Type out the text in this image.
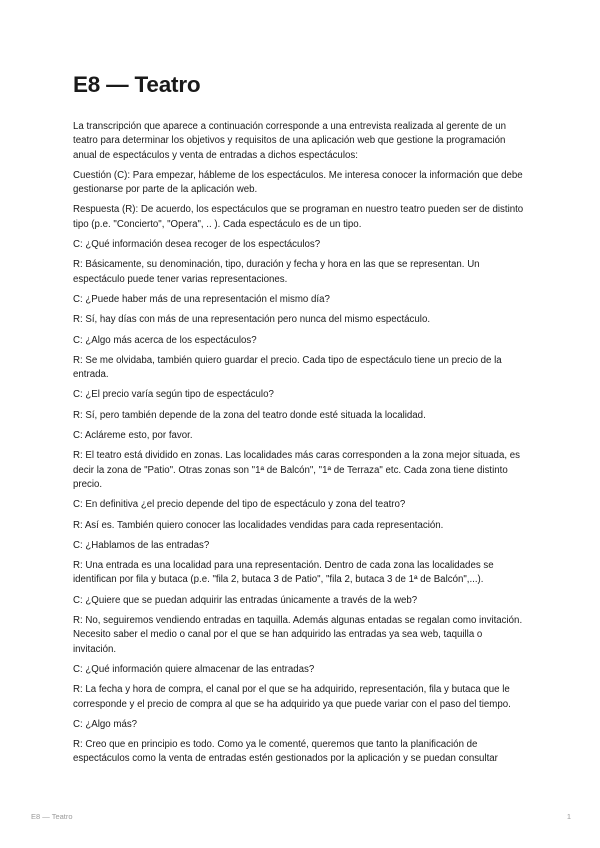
E8 — Teatro

La transcripción que aparece a continuación corresponde a una entrevista realizada al gerente de un teatro para determinar los objetivos y requisitos de una aplicación web que gestione la programación anual de espectáculos y venta de entradas a dichos espectáculos:

Cuestión (C): Para empezar, hábleme de los espectáculos. Me interesa conocer la información que debe gestionarse por parte de la aplicación web.

Respuesta (R): De acuerdo, los espectáculos que se programan en nuestro teatro pueden ser de distinto tipo (p.e. "Concierto", "Opera", .. ). Cada espectáculo es de un tipo.

C: ¿Qué información desea recoger de los espectáculos?

R: Básicamente, su denominación, tipo, duración y fecha y hora en las que se representan. Un espectáculo puede tener varias representaciones.

C: ¿Puede haber más de una representación el mismo día?

R: Sí, hay días con más de una representación pero nunca del mismo espectáculo.

C: ¿Algo más acerca de los espectáculos?

R: Se me olvidaba, también quiero guardar el precio. Cada tipo de espectáculo tiene un precio de la entrada.

C: ¿El precio varía según tipo de espectáculo?

R: Sí, pero también depende de la zona del teatro donde esté situada la localidad.

C: Acláreme esto, por favor.

R: El teatro está dividido en zonas. Las localidades más caras corresponden a la zona mejor situada, es decir la zona de "Patio". Otras zonas son "1ª de Balcón", "1ª de Terraza" etc. Cada zona tiene distinto precio.

C: En definitiva ¿el precio depende del tipo de espectáculo y zona del teatro?

R: Así es. También quiero conocer las localidades vendidas para cada representación.

C: ¿Hablamos de las entradas?

R: Una entrada es una localidad para una representación. Dentro de cada zona las localidades se identifican por fila y butaca (p.e. "fila 2, butaca 3 de Patio", "fila 2, butaca 3 de 1ª de Balcón",...).

C: ¿Quiere que se puedan adquirir las entradas únicamente a través de la web?

R: No, seguiremos vendiendo entradas en taquilla. Además algunas entadas se regalan como invitación. Necesito saber el medio o canal por el que se han adquirido las entradas ya sea web, taquilla o invitación.

C: ¿Qué información quiere almacenar de las entradas?

R: La fecha y hora de compra, el canal por el que se ha adquirido, representación, fila y butaca que le corresponde y el precio de compra al que se ha adquirido ya que puede variar con el paso del tiempo.

C: ¿Algo más?

R: Creo que en principio es todo. Como ya le comenté, queremos que tanto la planificación de espectáculos como la venta de entradas estén gestionados por la aplicación y se puedan consultar

E8 — Teatro	1
